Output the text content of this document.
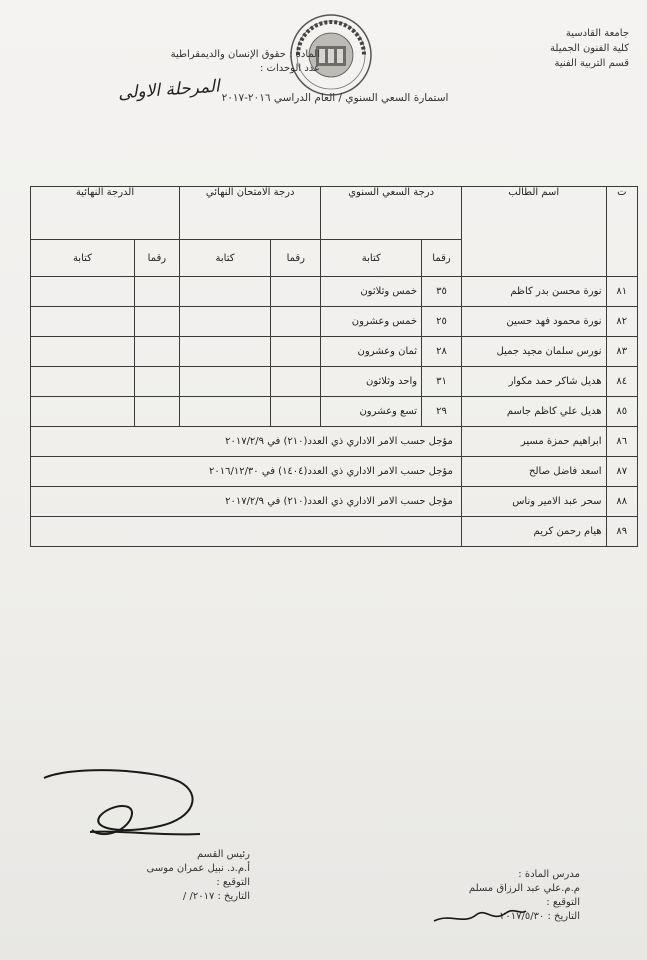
جامعة القادسية
كلية الفنون الجميلة
قسم التربية الفنية
المادة : حقوق الإنسان والديمقراطية
عدد الوحدات :
المرحلة الاولى استمارة السعي السنوي / العام الدراسي ٢٠١٦-٢٠١٧
ت	اسم الطالب	درجة السعي السنوي		درجة الامتحان النهائي		الدرجة النهائية	
		رقما	كتابة	رقما	كتابة	رقما	كتابة
٨١	نورة محسن بدر كاظم	٣٥	خمس وثلاثون				
٨٢	نورة محمود فهد حسين	٢٥	خمس وعشرون				
٨٣	نورس سلمان مجيد جميل	٢٨	ثمان وعشرون				
٨٤	هديل شاكر حمد مكوار	٣١	واحد وثلاثون				
٨٥	هديل علي كاظم جاسم	٢٩	تسع وعشرون				
٨٦	ابراهيم حمزة مسير	مؤجل حسب الامر الاداري ذي العدد(٢١٠) في ٢٠١٧/٢/٩					
٨٧	اسعد فاضل صالح	مؤجل حسب الامر الاداري ذي العدد(١٤٠٤) في ٢٠١٦/١٢/٣٠					
٨٨	سحر عبد الامير وناس	مؤجل حسب الامر الاداري ذي العدد(٢١٠) في ٢٠١٧/٢/٩					
٨٩	هيام رحمن كريم						
رئيس القسم
أ.م.د. نبيل عمران موسى
التوقيع :
التاريخ : ٢٠١٧/ /
مدرس المادة :
م.م.علي عبد الرزاق مسلم
التوقيع :
التاريخ : ٢٠١٧/٥/٣٠
